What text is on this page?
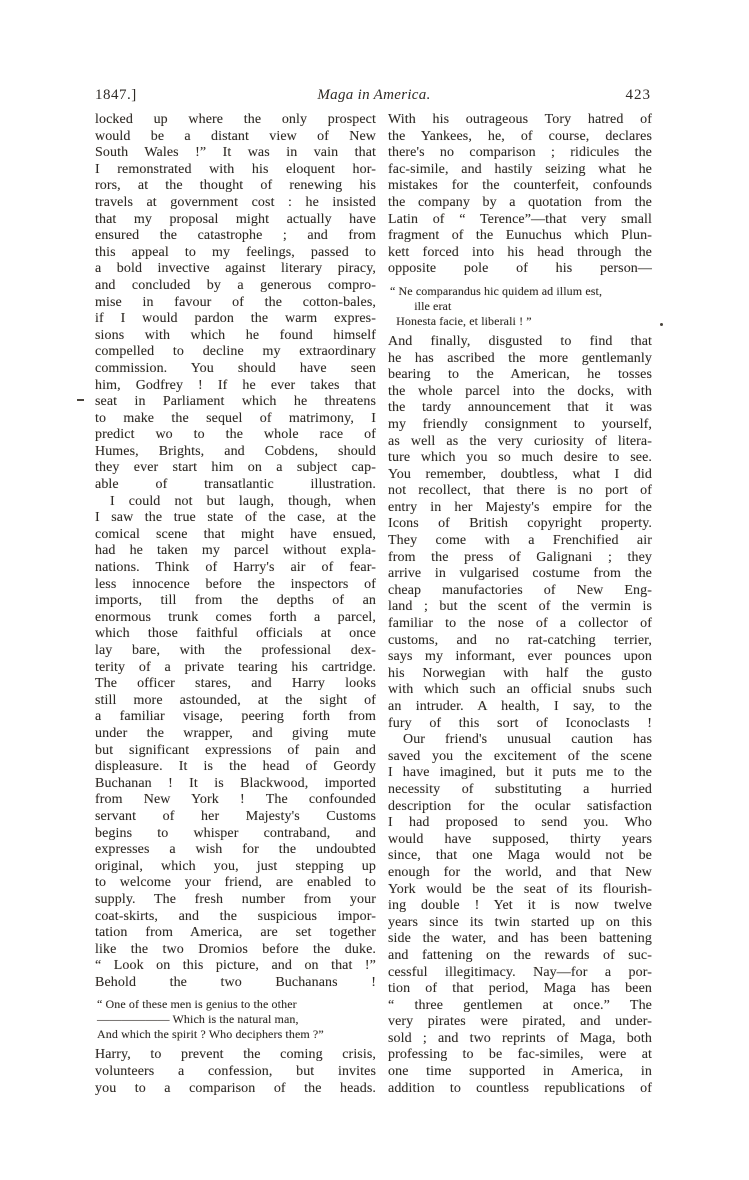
1847.]	Maga in America.	423
locked up where the only prospect
would be a distant view of New
South Wales !” It was in vain that
I remonstrated with his eloquent hor-
rors, at the thought of renewing his
travels at government cost : he insisted
that my proposal might actually have
ensured the catastrophe ; and from
this appeal to my feelings, passed to
a bold invective against literary piracy,
and concluded by a generous compro-
mise in favour of the cotton-bales,
if I would pardon the warm expres-
sions with which he found himself
compelled to decline my extraordinary
commission. You should have seen
him, Godfrey ! If he ever takes that
seat in Parliament which he threatens
to make the sequel of matrimony, I
predict wo to the whole race of
Humes, Brights, and Cobdens, should
they ever start him on a subject cap-
able of transatlantic illustration.
I could not but laugh, though, when
I saw the true state of the case, at the
comical scene that might have ensued,
had he taken my parcel without expla-
nations. Think of Harry's air of fear-
less innocence before the inspectors of
imports, till from the depths of an
enormous trunk comes forth a parcel,
which those faithful officials at once
lay bare, with the professional dex-
terity of a private tearing his cartridge.
The officer stares, and Harry looks
still more astounded, at the sight of
a familiar visage, peering forth from
under the wrapper, and giving mute
but significant expressions of pain and
displeasure. It is the head of Geordy
Buchanan ! It is Blackwood, imported
from New York ! The confounded
servant of her Majesty's Customs
begins to whisper contraband, and
expresses a wish for the undoubted
original, which you, just stepping up
to welcome your friend, are enabled to
supply. The fresh number from your
coat-skirts, and the suspicious impor-
tation from America, are set together
like the two Dromios before the duke.
“ Look on this picture, and on that !”
Behold the two Buchanans !
“ One of these men is genius to the other
—————— Which is the natural man,
And which the spirit ? Who deciphers them ?”
Harry, to prevent the coming crisis,
volunteers a confession, but invites
you to a comparison of the heads.
With his outrageous Tory hatred of
the Yankees, he, of course, declares
there's no comparison ; ridicules the
fac-simile, and hastily seizing what he
mistakes for the counterfeit, confounds
the company by a quotation from the
Latin of “ Terence”—that very small
fragment of the Eunuchus which Plun-
kett forced into his head through the
opposite pole of his person—
“ Ne comparandus hic quidem ad illum est,
  ille erat
 Honesta facie, et liberali ! ”
And finally, disgusted to find that
he has ascribed the more gentlemanly
bearing to the American, he tosses
the whole parcel into the docks, with
the tardy announcement that it was
my friendly consignment to yourself,
as well as the very curiosity of litera-
ture which you so much desire to see.
You remember, doubtless, what I did
not recollect, that there is no port of
entry in her Majesty's empire for the
Icons of British copyright property.
They come with a Frenchified air
from the press of Galignani ; they
arrive in vulgarised costume from the
cheap manufactories of New Eng-
land ; but the scent of the vermin is
familiar to the nose of a collector of
customs, and no rat-catching terrier,
says my informant, ever pounces upon
his Norwegian with half the gusto
with which such an official snubs such
an intruder. A health, I say, to the
fury of this sort of Iconoclasts !
Our friend's unusual caution has
saved you the excitement of the scene
I have imagined, but it puts me to the
necessity of substituting a hurried
description for the ocular satisfaction
I had proposed to send you. Who
would have supposed, thirty years
since, that one Maga would not be
enough for the world, and that New
York would be the seat of its flourish-
ing double ! Yet it is now twelve
years since its twin started up on this
side the water, and has been battening
and fattening on the rewards of suc-
cessful illegitimacy. Nay—for a por-
tion of that period, Maga has been
“ three gentlemen at once.” The
very pirates were pirated, and under-
sold ; and two reprints of Maga, both
professing to be fac-similes, were at
one time supported in America, in
addition to countless republications of
